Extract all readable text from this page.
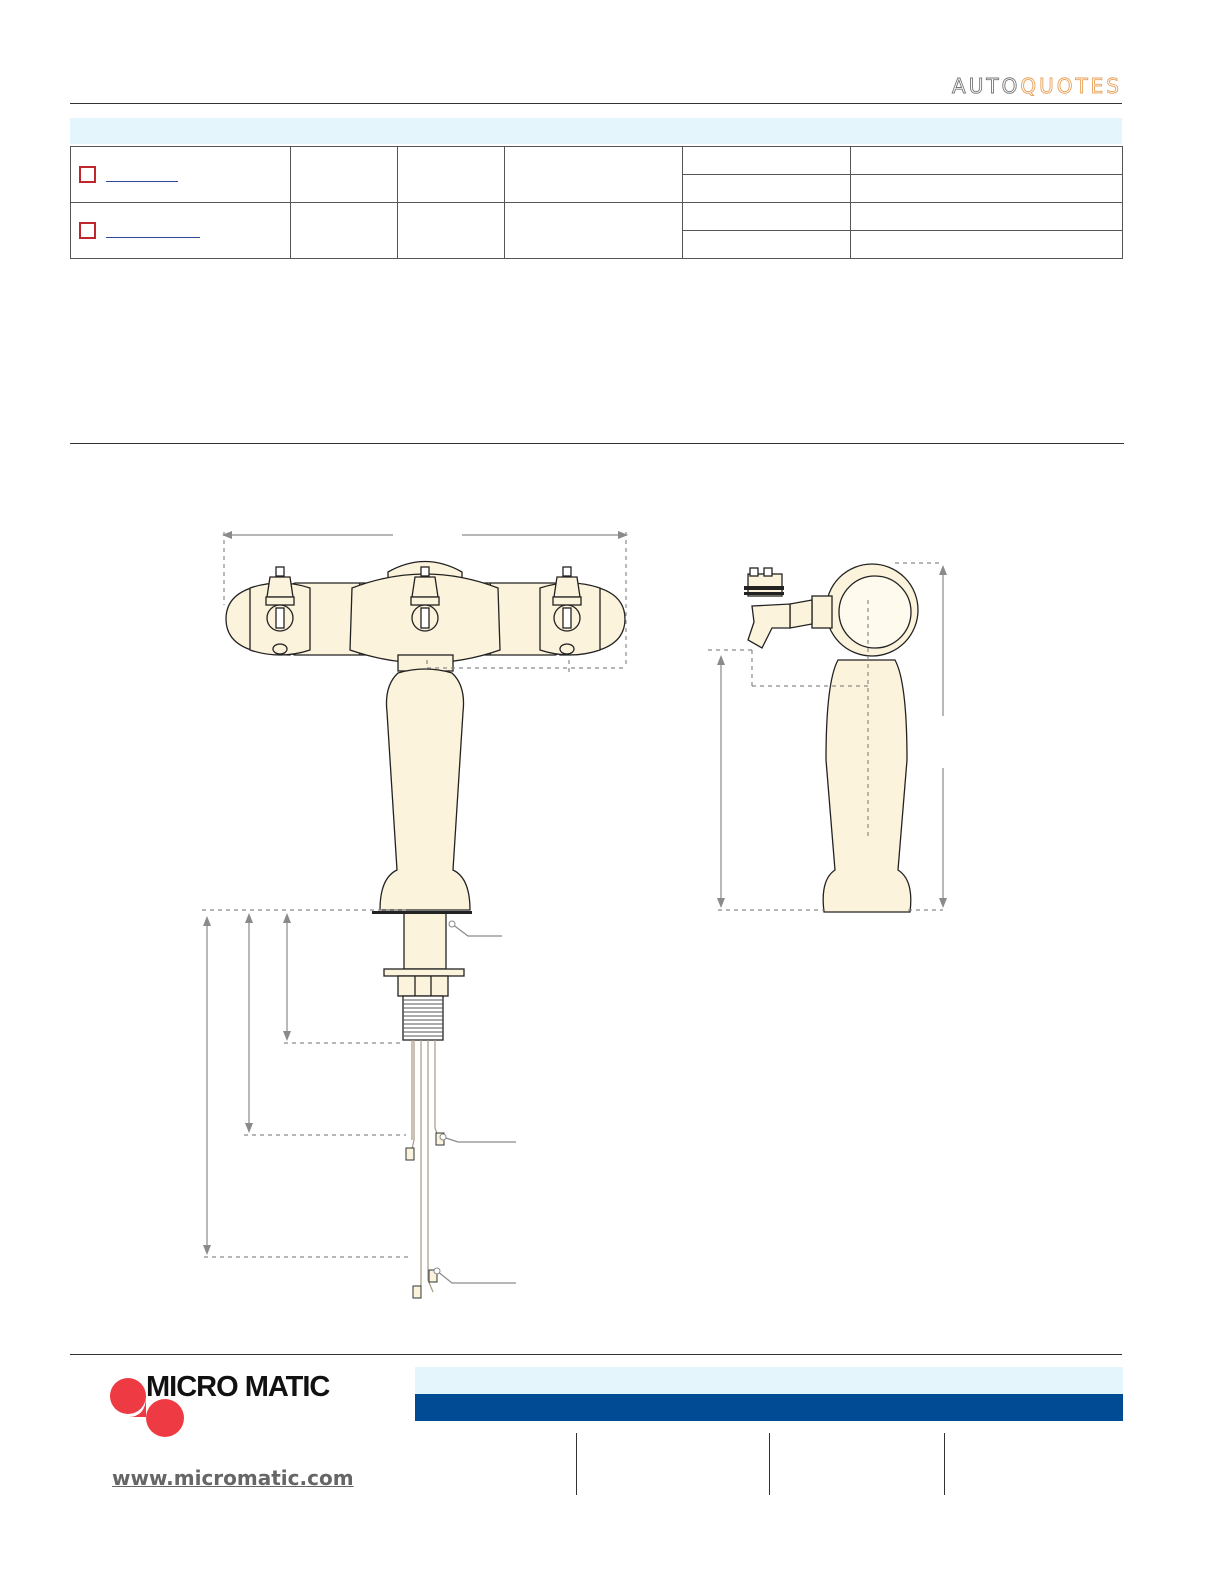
AUTOQUOTES

MICRO MATIC
www.micromatic.com
